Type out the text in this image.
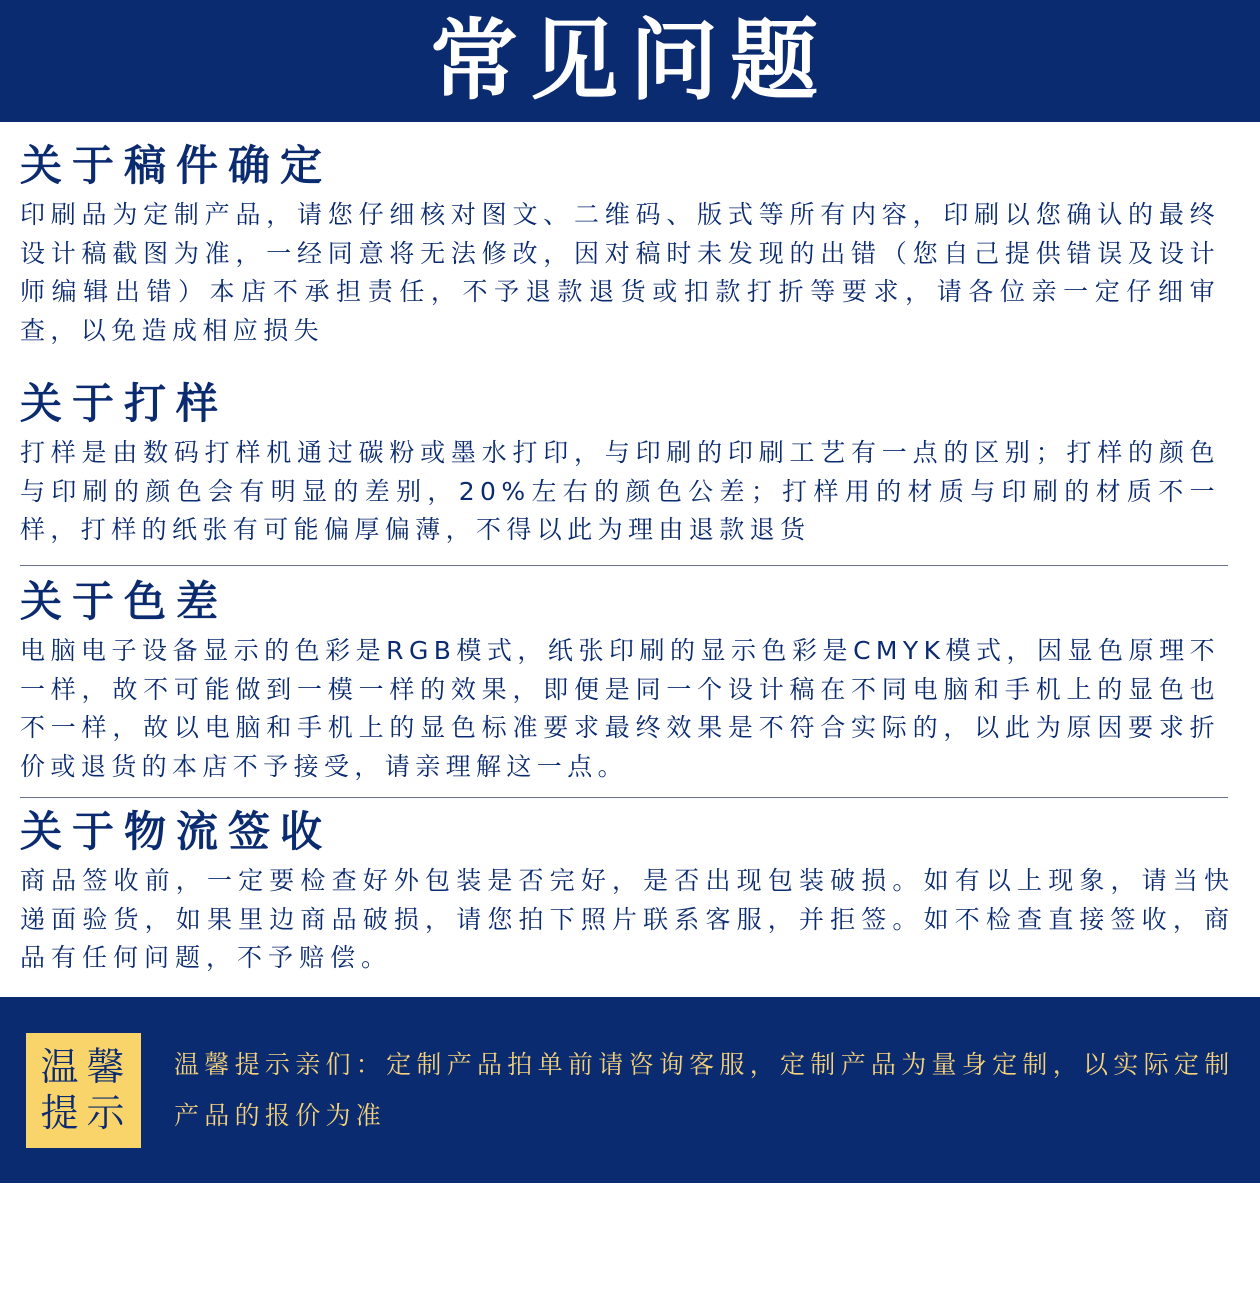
常见问题
关于稿件确定

印刷品为定制产品，请您仔细核对图文、二维码、版式等所有内容，印刷以您确认的最终设计稿截图为准，一经同意将无法修改，因对稿时未发现的出错（您自己提供错误及设计师编辑出错）本店不承担责任，不予退款退货或扣款打折等要求，请各位亲一定仔细审查，以免造成相应损失

关于打样

打样是由数码打样机通过碳粉或墨水打印，与印刷的印刷工艺有一点的区别；打样的颜色与印刷的颜色会有明显的差别，20%左右的颜色公差；打样用的材质与印刷的材质不一样，打样的纸张有可能偏厚偏薄，不得以此为理由退款退货

关于色差

电脑电子设备显示的色彩是RGB模式，纸张印刷的显示色彩是CMYK模式，因显色原理不一样，故不可能做到一模一样的效果，即便是同一个设计稿在不同电脑和手机上的显色也不一样，故以电脑和手机上的显色标准要求最终效果是不符合实际的，以此为原因要求折价或退货的本店不予接受，请亲理解这一点。

关于物流签收

商品签收前，一定要检查好外包装是否完好，是否出现包装破损。如有以上现象，请当快递面验货，如果里边商品破损，请您拍下照片联系客服，并拒签。如不检查直接签收，商品有任何问题，不予赔偿。

温馨
提示

温馨提示亲们：定制产品拍单前请咨询客服，定制产品为量身定制，以实际定制产品的报价为准
